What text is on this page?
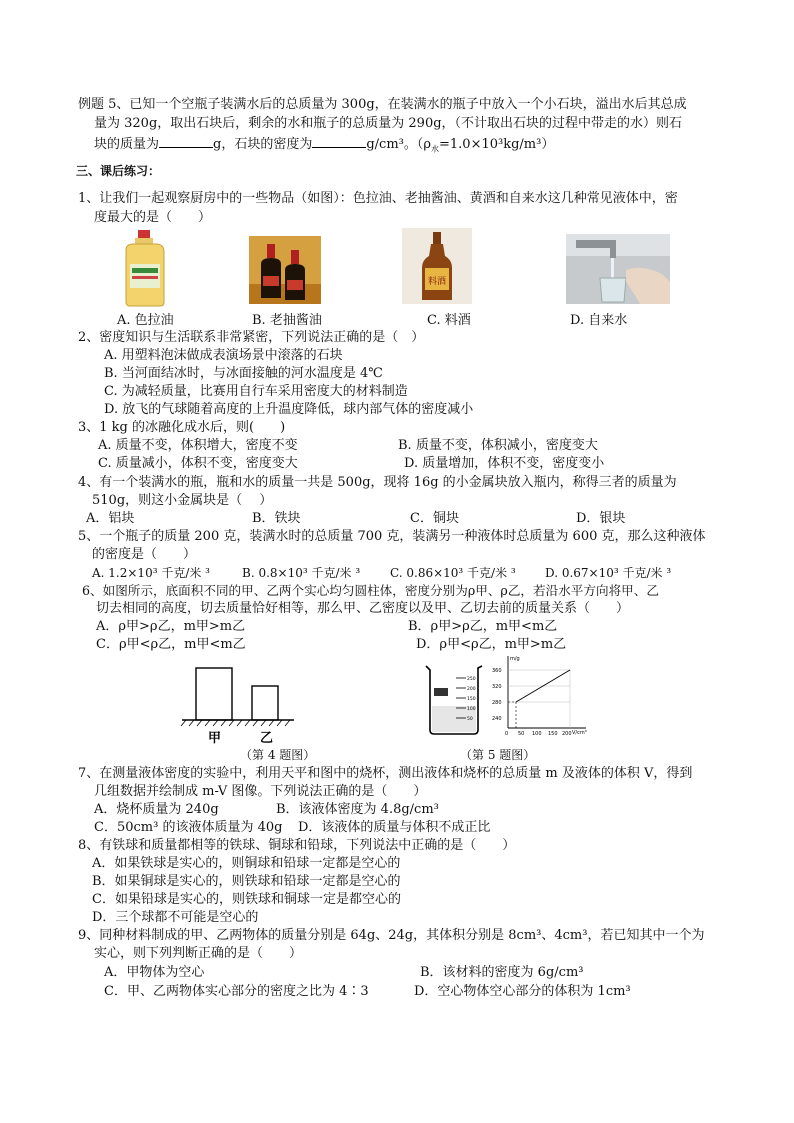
例题 5、已知一个空瓶子装满水后的总质量为 300g，在装满水的瓶子中放入一个小石块，溢出水后其总成
量为 320g，取出石块后，剩余的水和瓶子的总质量为 290g，（不计取出石块的过程中带走的水）则石
块的质量为	g，石块的密度为	g/cm³。$(\rho_水=1.0\times 10^3kg/m^3)$
三、课后练习：
1、让我们一起观察厨房中的一些物品（如图）：色拉油、老抽酱油、黄酒和自来水这几种常见液体中，密
度最大的是（　　）
料酒
A. 色拉油	B. 老抽酱油	C. 料酒	D. 自来水
2、密度知识与生活联系非常紧密，下列说法正确的是（　）
A. 用塑料泡沫做成表演场景中滚落的石块
B. 当河面结冰时，与冰面接触的河水温度是 4℃
C. 为减轻质量，比赛用自行车采用密度大的材料制造
D. 放飞的气球随着高度的上升温度降低，球内部气体的密度减小
3、1 kg 的冰融化成水后，则(　　)
A. 质量不变，体积增大，密度不变	B. 质量不变，体积减小，密度变大
C. 质量减小，体积不变，密度变大	D. 质量增加，体积不变，密度变小
4、有一个装满水的瓶，瓶和水的质量一共是 500g，现将 16g 的小金属块放入瓶内，称得三者的质量为
510g，则这小金属块是（　 ）
A．铝块	B．铁块	C．铜块	D．银块
5、一个瓶子的质量 200 克，装满水时的总质量 700 克，装满另一种液体时总质量为 600 克，那么这种液体
的密度是（　　）
A. 1.2×10³ 千克/米 ³	B. 0.8×10³ 千克/米 ³ C. 0.86×10³ 千克/米 ³ D. 0.67×10³ 千克/米 ³
6、如图所示，底面积不同的甲、乙两个实心均匀圆柱体，密度分别为ρ甲、ρ乙，若沿水平方向将甲、乙
切去相同的高度，切去质量恰好相等，那么甲、乙密度以及甲、乙切去前的质量关系（　　）
A．ρ甲>ρ乙，m甲>m乙	B．ρ甲>ρ乙，m甲<m乙
C．ρ甲<ρ乙，m甲<m乙	D．ρ甲<ρ乙，m甲>m乙
甲	乙
（第 4 题图）
250
200
150
100
50
m/g
V/cm³
360
320
280
240
0 50 100 150 200
（第 5 题图）
7、在测量液体密度的实验中，利用天平和图中的烧杯，测出液体和烧杯的总质量 m 及液体的体积 V，得到
几组数据并绘制成 m-V 图像。下列说法正确的是（　　）
A．烧杯质量为 240g	B．该液体密度为 4.8g/cm³
C．50cm³ 的该液体质量为 40g D．该液体的质量与体积不成正比
8、有铁球和质量都相等的铁球、铜球和铅球，下列说法中正确的是（　　）
A．如果铁球是实心的，则铜球和铅球一定都是空心的
B．如果铜球是实心的，则铁球和铅球一定都是空心的
C．如果铅球是实心的，则铁球和铜球一定是都空心的
D．三个球都不可能是空心的
9、同种材料制成的甲、乙两物体的质量分别是 64g、24g，其体积分别是 8cm³、4cm³，若已知其中一个为
实心，则下列判断正确的是（　　）
A．甲物体为空心	B．该材料的密度为 6g/cm³
C．甲、乙两物体实心部分的密度之比为 4∶3	D．空心物体空心部分的体积为 1cm³
